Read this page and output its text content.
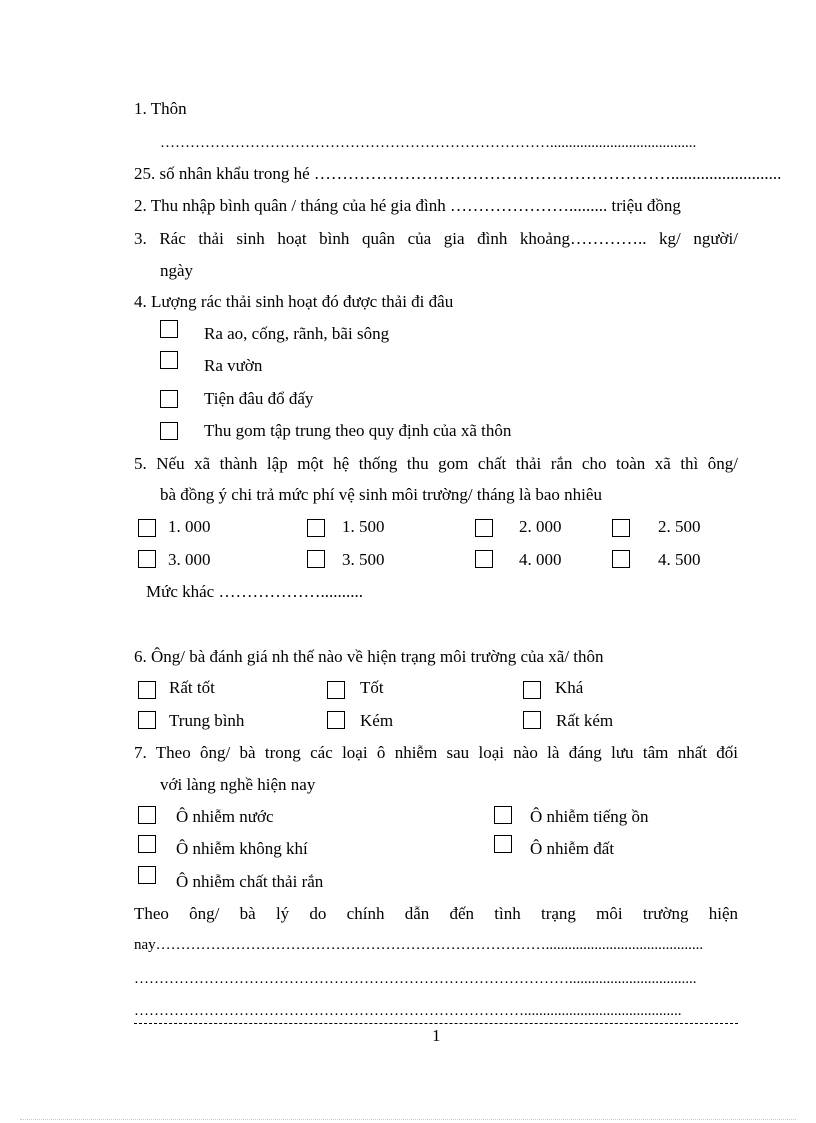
1. Thôn
…………………………………………………………………….......................................
25. số nhân khẩu trong hé ………………………………………………………..........................
2. Thu nhập bình quân / tháng của hé gia đình …………………......... triệu đồng
3. Rác thải sinh hoạt bình quân của gia đình khoảng………….. kg/ người/
ngày
4. Lượng rác thải sinh hoạt đó được thải đi đâu
Ra ao, cống, rãnh, bãi sông
Ra vườn
Tiện đâu đổ đấy
Thu gom tập trung theo quy định của xã thôn
5. Nếu xã thành lập một hệ thống thu gom chất thải rắn cho toàn xã thì ông/
bà đồng ý chi trả mức phí vệ sinh môi trường/ tháng là bao nhiêu
1. 000	1. 500	2. 000	2. 500
3. 000	3. 500	4. 000	4. 500
Mức khác ………………..........
6. Ông/ bà đánh giá nh thế nào về hiện trạng môi trường của xã/ thôn
Rất tốt	Tốt	Khá
Trung bình	Kém	Rất kém
7. Theo ông/ bà trong các loại ô nhiễm sau loại nào là đáng lưu tâm nhất đối
với làng nghề hiện nay
Ô nhiễm nước	Ô nhiễm tiếng ồn
Ô nhiễm không khí	Ô nhiễm đất
Ô nhiễm chất thải rắn
Theo ông/ bà lý do chính dẫn đến tình trạng môi trường hiện
nay……………………………………………………………………..........................................
……………………………………………………………………………..................................
……………………………………………………………………..........................................
1
